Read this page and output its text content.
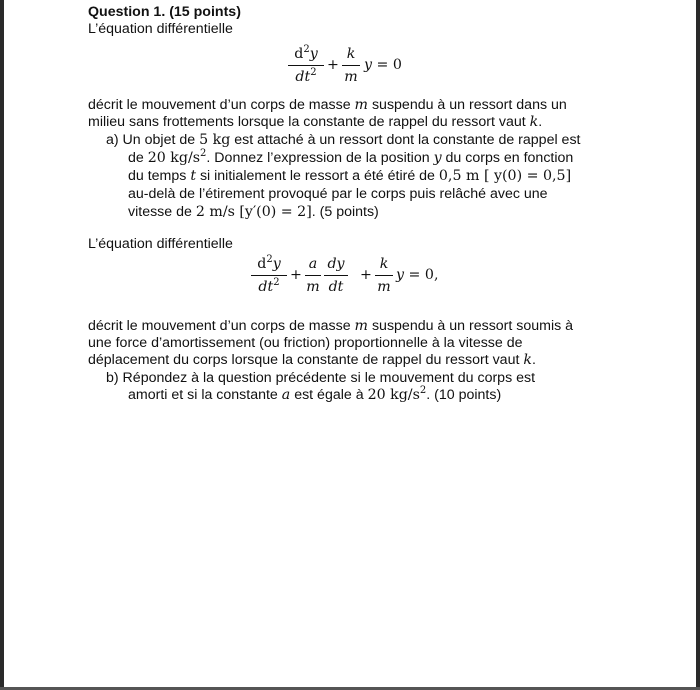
Question 1. (15 points)
L’équation différentielle
$d^2y$
$dt^2$ +
k
m
y = 0
décrit le mouvement d’un corps de masse m suspendu à un ressort dans un
milieu sans frottements lorsque la constante de rappel du ressort vaut k.
a) Un objet de 5 kg est attaché à un ressort dont la constante de rappel est
de 20 $kg/s^2$. Donnez l’expression de la position y du corps en fonction
du temps t si initialement le ressort a été étiré de 0,5 m [ y(0) = 0,5]
au-delà de l’étirement provoqué par le corps puis relâché avec une
vitesse de 2 m/s [y′(0) = 2]. (5 points)
L’équation différentielle
$d^2y$
$dt^2$ +
a
m
dy
dt
+
k
m
y = 0,
décrit le mouvement d’un corps de masse m suspendu à un ressort soumis à
une force d’amortissement (ou friction) proportionnelle à la vitesse de
déplacement du corps lorsque la constante de rappel du ressort vaut k.
b) Répondez à la question précédente si le mouvement du corps est
amorti et si la constante a est égale à 20 $kg/s^2$. (10 points)
